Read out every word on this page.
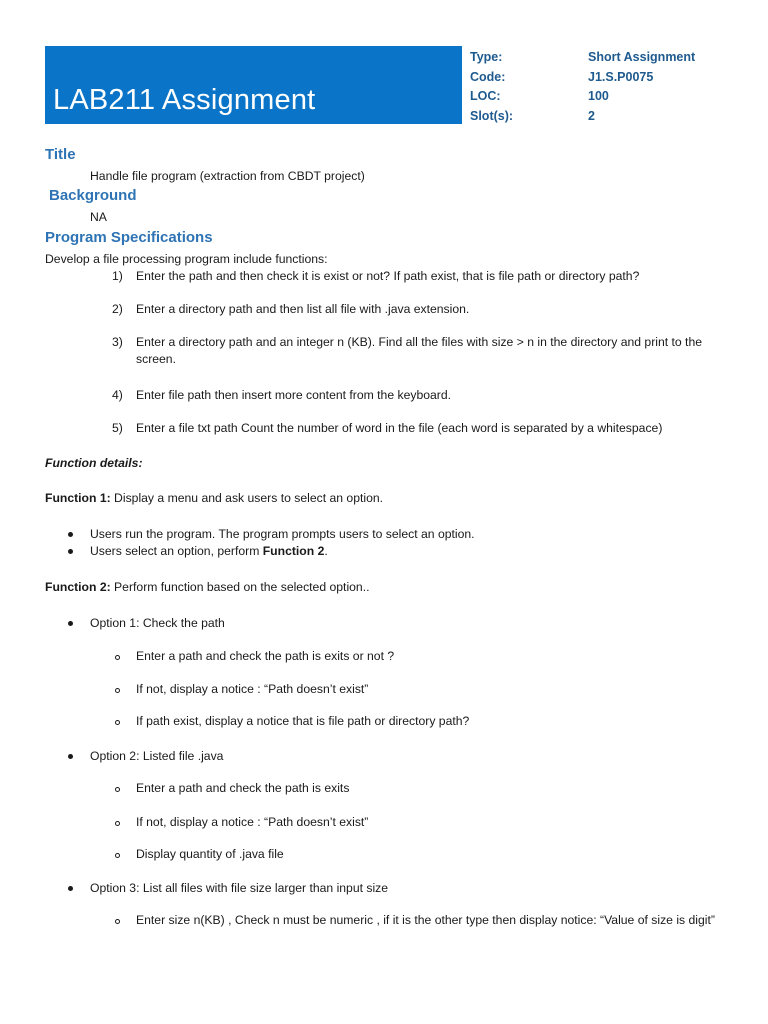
LAB211 Assignment
Type:	Short Assignment
Code:	J1.S.P0075
LOC:	100
Slot(s):	2
Title
Handle file program (extraction from CBDT project)
Background
NA
Program Specifications
Develop a file processing program include functions:
1) Enter the path and then check it is exist or not? If path exist, that is file path or directory path?
2) Enter a directory path and then list all file with .java extension.
3) Enter a directory path and an integer n (KB). Find all the files with size > n in the directory and print to the screen.
4) Enter file path then insert more content from the keyboard.
5) Enter a file txt path Count the number of word in the file (each word is separated by a whitespace)
Function details:
Function 1: Display a menu and ask users to select an option.
Users run the program. The program prompts users to select an option.
Users select an option, perform Function 2.
Function 2: Perform function based on the selected option..
Option 1: Check the path
Enter a path and check the path is exits or not ?
If not, display a notice : “Path doesn’t exist”
If path exist, display a notice that is file path or directory path?
Option 2: Listed file .java
Enter a path and check the path is exits
If not, display a notice : “Path doesn’t exist”
Display quantity of .java file
Option 3: List all files with file size larger than input size
Enter size n(KB) , Check n must be numeric , if it is the other type then display notice: “Value of size is digit”
